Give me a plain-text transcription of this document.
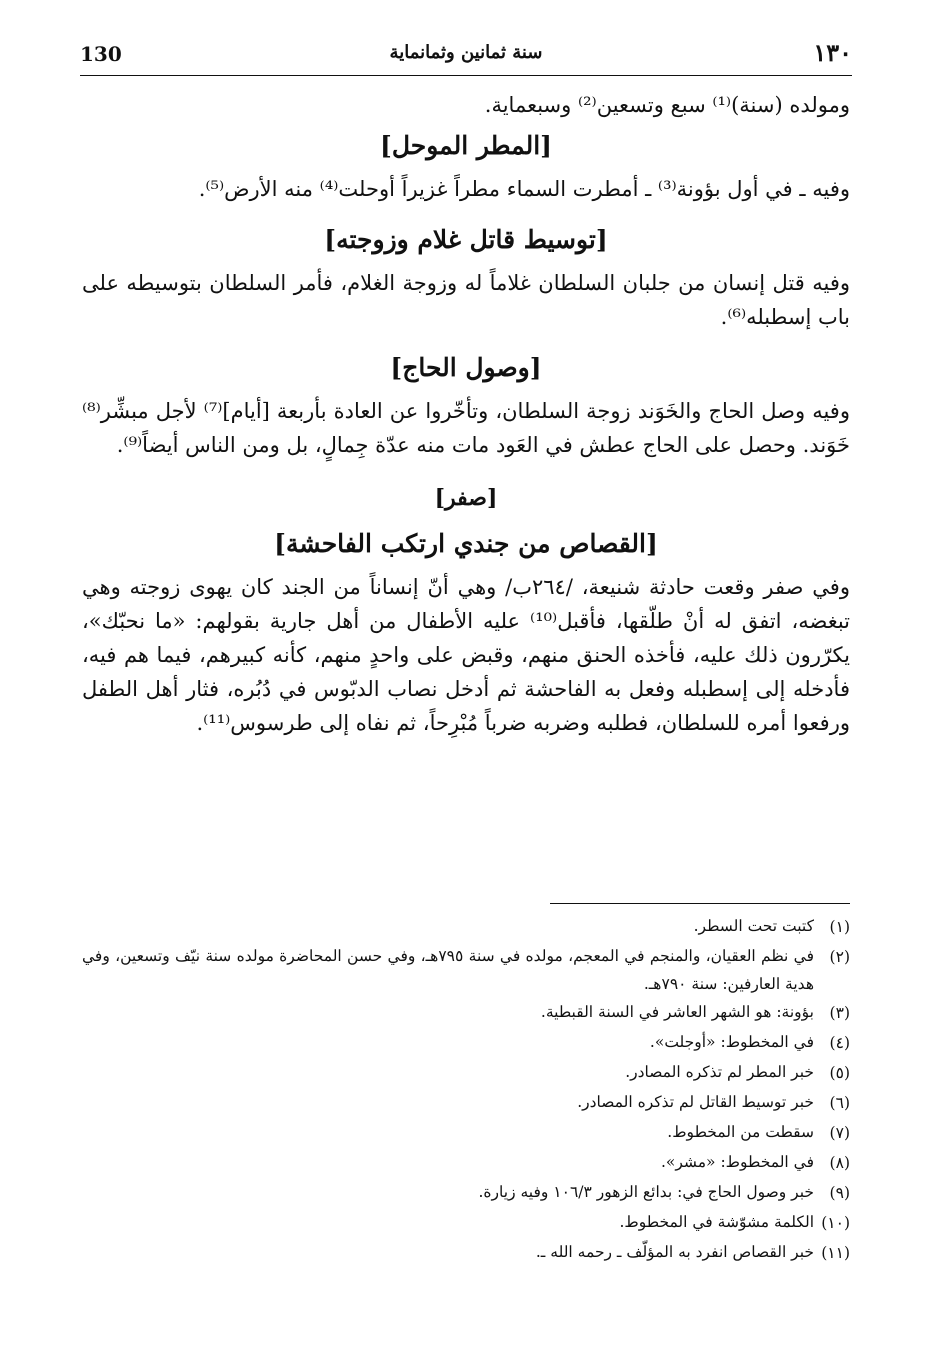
130	سنة ثمانين وثمانماية	١٣٠

ومولده (سنة)⁽¹⁾ سبع وتسعين⁽²⁾ وسبعماية.

[المطر الموحل]

وفيه ـ في أول بؤونة⁽³⁾ ـ أمطرت السماء مطراً غزيراً أوحلت⁽⁴⁾ منه الأرض⁽⁵⁾.

[توسيط قاتل غلام وزوجته]

وفيه قتل إنسان من جلبان السلطان غلاماً له وزوجة الغلام، فأمر السلطان بتوسيطه على باب إسطبله⁽⁶⁾.

[وصول الحاج]

وفيه وصل الحاج والخَوَند زوجة السلطان، وتأخّروا عن العادة بأربعة [أيام]⁽⁷⁾ لأجل مبشِّر⁽⁸⁾ خَوَند. وحصل على الحاج عطش في العَود مات منه عدّة جِمالٍ، بل ومن الناس أيضاً⁽⁹⁾.

[صفر]
[القصاص من جندي ارتكب الفاحشة]

وفي صفر وقعت حادثة شنيعة، /٢٦٤ب/ وهي أنّ إنساناً من الجند كان يهوى زوجته وهي تبغضه، اتفق له أنْ طلّقها، فأقبل⁽¹⁰⁾ عليه الأطفال من أهل جارية بقولهم: «ما نحبّك»، يكرّرون ذلك عليه، فأخذه الحنق منهم، وقبض على واحدٍ منهم، كأنه كبيرهم، فيما هم فيه، فأدخله إلى إسطبله وفعل به الفاحشة ثم أدخل نصاب الدبّوس في دُبُره، فثار أهل الطفل ورفعوا أمره للسلطان، فطلبه وضربه ضرباً مُبْرِحاً، ثم نفاه إلى طرسوس⁽¹¹⁾.

(١)
كتبت تحت السطر.
(٢)
في نظم العقيان، والمنجم في المعجم، مولده في سنة ٧٩٥هـ، وفي حسن المحاضرة مولده سنة نيّف وتسعين، وفي هدية العارفين: سنة ٧٩٠هـ.
(٣)
بؤونة: هو الشهر العاشر في السنة القبطية.
(٤)
في المخطوط: «أوجلت».
(٥)
خبر المطر لم تذكره المصادر.
(٦)
خبر توسيط القاتل لم تذكره المصادر.
(٧)
سقطت من المخطوط.
(٨)
في المخطوط: «مشر».
(٩)
خبر وصول الحاج في: بدائع الزهور ١٠٦/٣ وفيه زيارة.
(١٠)
الكلمة مشوّشة في المخطوط.
(١١)
خبر القصاص انفرد به المؤلّف ـ رحمه الله ـ.
